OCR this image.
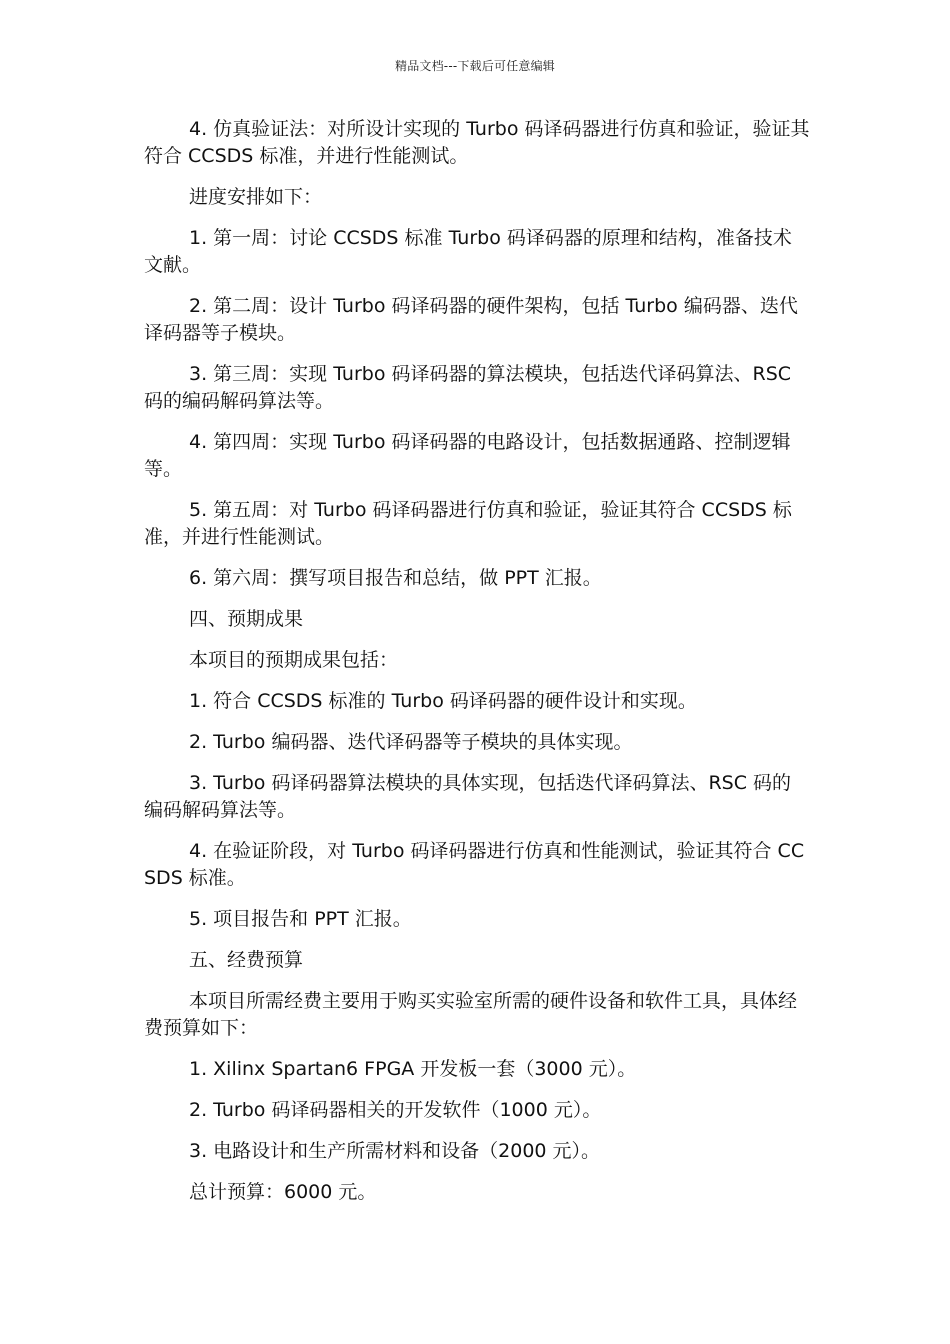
精品文档---下载后可任意编辑

4. 仿真验证法：对所设计实现的 Turbo 码译码器进行仿真和验证，验证其符合 CCSDS 标准，并进行性能测试。

进度安排如下：

1. 第一周：讨论 CCSDS 标准 Turbo 码译码器的原理和结构，准备技术文献。

2. 第二周：设计 Turbo 码译码器的硬件架构，包括 Turbo 编码器、迭代译码器等子模块。

3. 第三周：实现 Turbo 码译码器的算法模块，包括迭代译码算法、RSC 码的编码解码算法等。

4. 第四周：实现 Turbo 码译码器的电路设计，包括数据通路、控制逻辑等。

5. 第五周：对 Turbo 码译码器进行仿真和验证，验证其符合 CCSDS 标准，并进行性能测试。

6. 第六周：撰写项目报告和总结，做 PPT 汇报。

四、预期成果

本项目的预期成果包括：

1. 符合 CCSDS 标准的 Turbo 码译码器的硬件设计和实现。

2. Turbo 编码器、迭代译码器等子模块的具体实现。

3. Turbo 码译码器算法模块的具体实现，包括迭代译码算法、RSC 码的编码解码算法等。

4. 在验证阶段，对 Turbo 码译码器进行仿真和性能测试，验证其符合 CCSDS 标准。

5. 项目报告和 PPT 汇报。

五、经费预算

本项目所需经费主要用于购买实验室所需的硬件设备和软件工具，具体经费预算如下：

1. Xilinx Spartan6 FPGA 开发板一套（3000 元）。

2. Turbo 码译码器相关的开发软件（1000 元）。

3. 电路设计和生产所需材料和设备（2000 元）。

总计预算：6000 元。
